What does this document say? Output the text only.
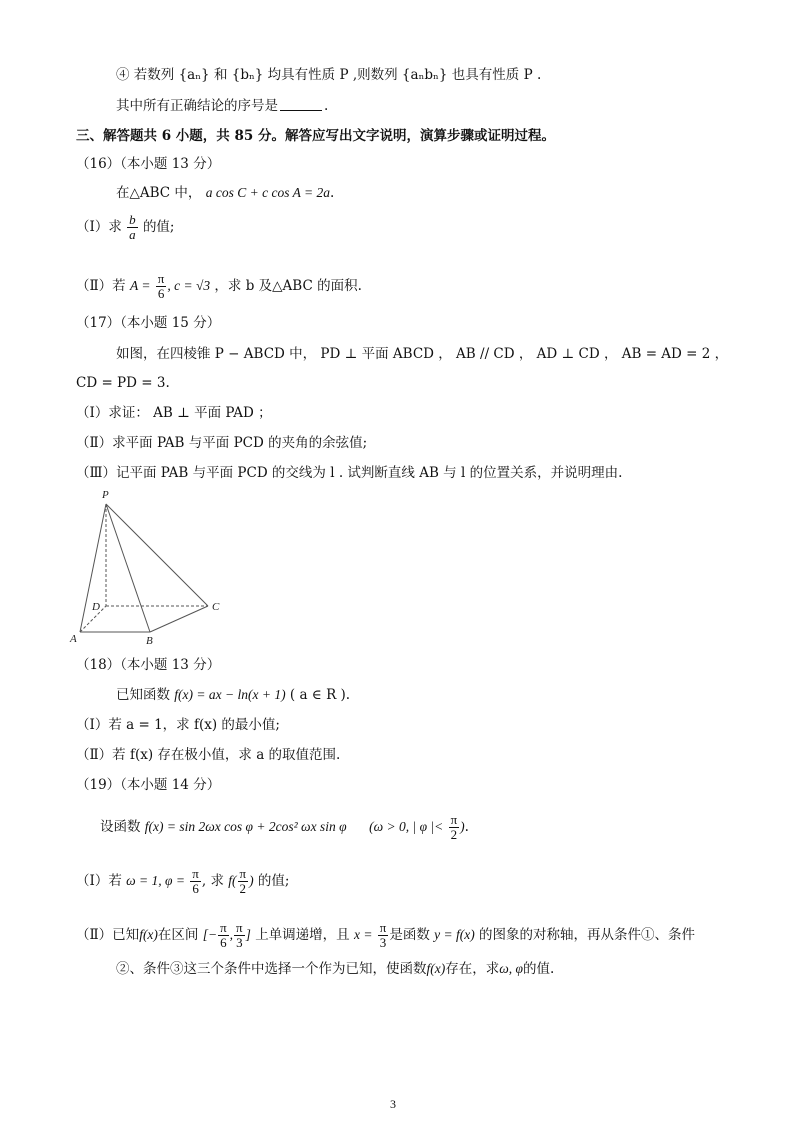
④ 若数列 {aₙ} 和 {bₙ} 均具有性质 P ,则数列 {aₙbₙ} 也具有性质 P .
其中所有正确结论的序号是	.
三、解答题共 6 小题，共 85 分。解答应写出文字说明，演算步骤或证明过程。
（16）（本小题 13 分）
在△ABC 中， a cos C + c cos A = 2a.
（Ⅰ）求 $\frac{b}{a}$ 的值;
（Ⅱ）若 $A = \frac{\pi}{6}$ , c = √3 ，求 b 及△ABC 的面积.
（17）（本小题 15 分）
如图，在四棱锥 P − ABCD 中， PD ⊥ 平面 ABCD ， AB // CD ， AD ⊥ CD ， AB = AD = 2 ，
CD = PD = 3.
（Ⅰ）求证： AB ⊥ 平面 PAD ；
（Ⅱ）求平面 PAB 与平面 PCD 的夹角的余弦值;
（Ⅲ）记平面 PAB 与平面 PCD 的交线为 l . 试判断直线 AB 与 l 的位置关系，并说明理由.
P
D	C
A	B
（18）（本小题 13 分）
已知函数 f(x) = ax − ln(x + 1) ( a ∈ R ).
（Ⅰ）若 a = 1，求 f(x) 的最小值;
（Ⅱ）若 f(x) 存在极小值，求 a 的取值范围.
（19）（本小题 14 分）
设函数 f(x) = sin 2ωx cos φ + 2cos² ωx sin φ (ω > 0, | φ |< $\frac{\pi}{2}$ ).
（Ⅰ）若 ω = 1, $\varphi = \frac{\pi}{6}$ , 求 $f( \frac{\pi}{2}$ ) 的值;
（Ⅱ）已知f(x)在区间 [− $\frac{\pi}{6}$ , $\frac{\pi}{3}$ ] 上单调递增，且 $x = \frac{\pi}{3}$ 是函数 y = f(x) 的图象的对称轴，再从条件①、条件
②、条件③这三个条件中选择一个作为已知，使函数f(x)存在，求ω, φ的值.
3
